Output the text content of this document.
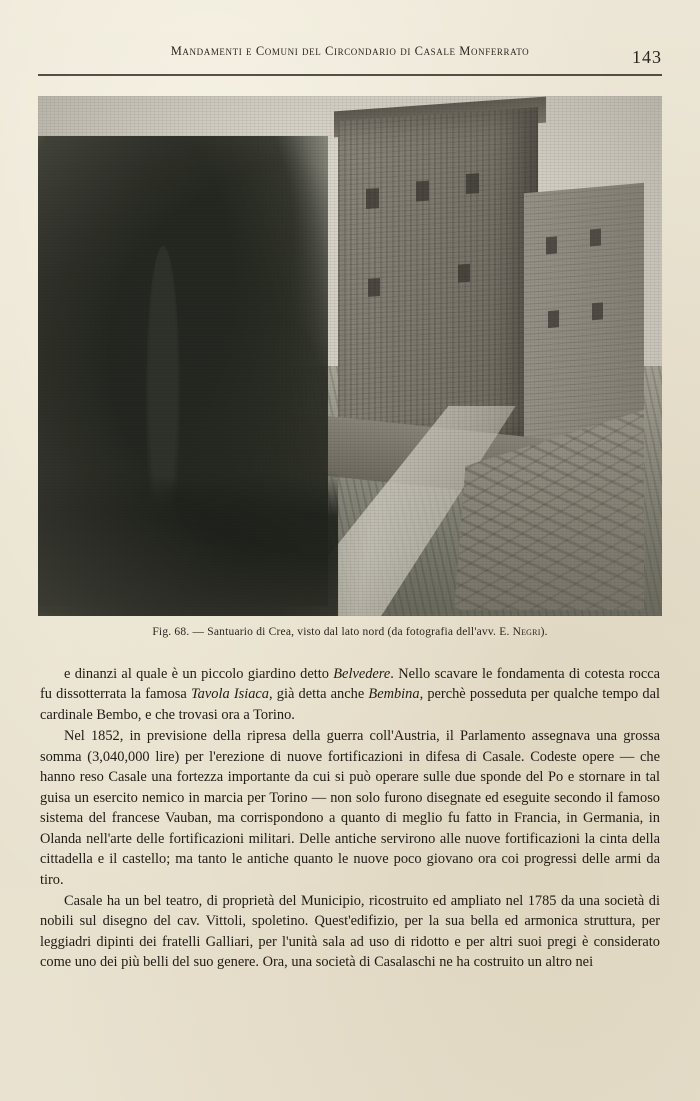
Mandamenti e Comuni del Circondario di Casale Monferrato	143
Fig. 68. — Santuario di Crea, visto dal lato nord (da fotografia dell'avv. E. Negri).

e dinanzi al quale è un piccolo giardino detto Belvedere. Nello scavare le fondamenta di cotesta rocca fu dissotterrata la famosa Tavola Isiaca, già detta anche Bembina, perchè posseduta per qualche tempo dal cardinale Bembo, e che trovasi ora a Torino.

Nel 1852, in previsione della ripresa della guerra coll'Austria, il Parlamento assegnava una grossa somma (3,040,000 lire) per l'erezione di nuove fortificazioni in difesa di Casale. Codeste opere — che hanno reso Casale una fortezza importante da cui si può operare sulle due sponde del Po e stornare in tal guisa un esercito nemico in marcia per Torino — non solo furono disegnate ed eseguite secondo il famoso sistema del francese Vauban, ma corrispondono a quanto di meglio fu fatto in Francia, in Germania, in Olanda nell'arte delle fortificazioni militari. Delle antiche servirono alle nuove fortificazioni la cinta della cittadella e il castello; ma tanto le antiche quanto le nuove poco giovano ora coi progressi delle armi da tiro.

Casale ha un bel teatro, di proprietà del Municipio, ricostruito ed ampliato nel 1785 da una società di nobili sul disegno del cav. Vittoli, spoletino. Quest'edifizio, per la sua bella ed armonica struttura, per leggiadri dipinti dei fratelli Galliari, per l'unità sala ad uso di ridotto e per altri suoi pregi è considerato come uno dei più belli del suo genere. Ora, una società di Casalaschi ne ha costruito un altro nei
